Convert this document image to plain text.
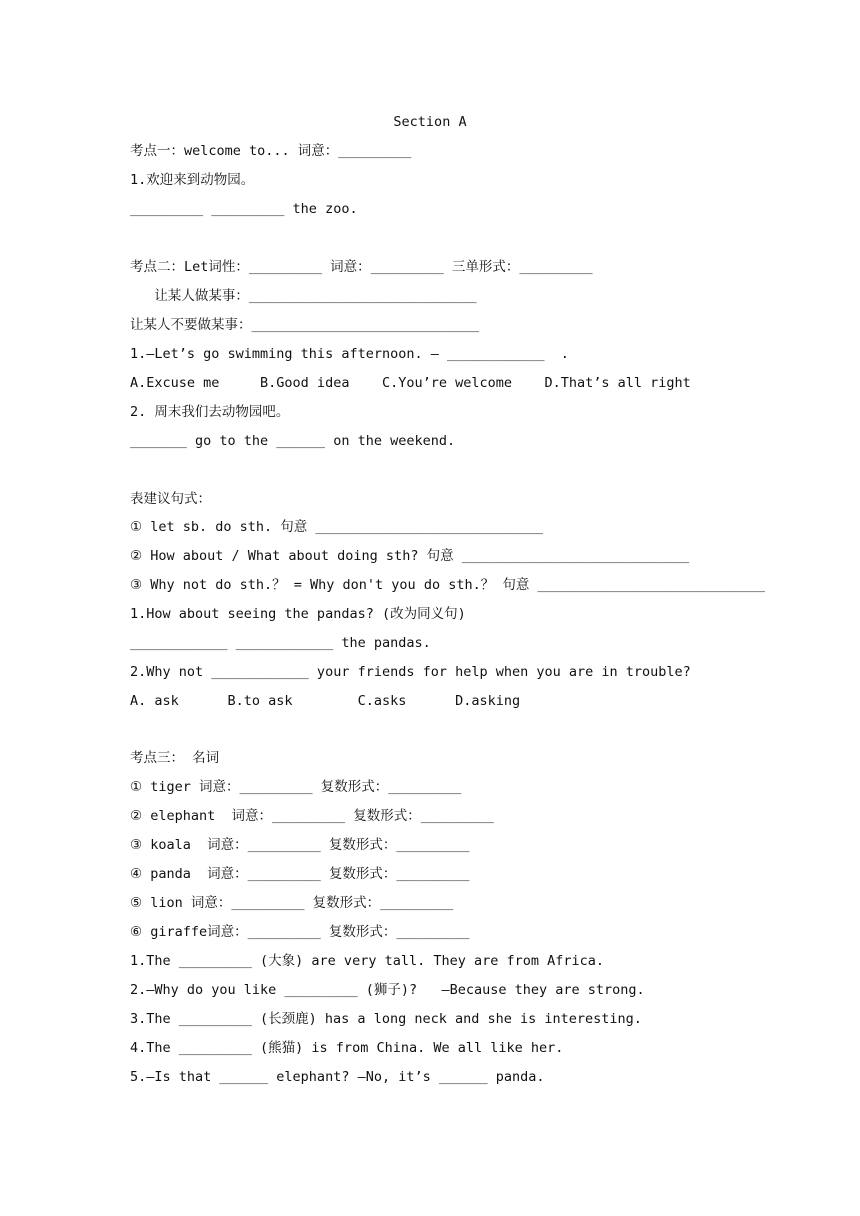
Section A
考点一：welcome to... 词意：_________
1.欢迎来到动物园。
_________ _________ the zoo.
考点二：Let词性：_________ 词意：_________ 三单形式：_________
让某人做某事：____________________________
让某人不要做某事：____________________________
1.—Let’s go swimming this afternoon. — ____________  .
A.Excuse me     B.Good idea    C.You’re welcome    D.That’s all right
2. 周末我们去动物园吧。
_______ go to the ______ on the weekend.
表建议句式：
① let sb. do sth. 句意 ____________________________
② How about / What about doing sth? 句意 ____________________________
③ Why not do sth.？ = Why don't you do sth.？ 句意 ____________________________
1.How about seeing the pandas? (改为同义句)
____________ ____________ the pandas.
2.Why not ____________ your friends for help when you are in trouble?
A. ask      B.to ask        C.asks      D.asking
考点三： 名词
① tiger 词意：_________ 复数形式：_________
② elephant  词意：_________ 复数形式：_________
③ koala  词意：_________ 复数形式：_________
④ panda  词意：_________ 复数形式：_________
⑤ lion 词意：_________ 复数形式：_________
⑥ giraffe词意：_________ 复数形式：_________
1.The _________ (大象) are very tall. They are from Africa.
2.—Why do you like _________ (狮子)?   —Because they are strong.
3.The _________ (长颈鹿) has a long neck and she is interesting.
4.The _________ (熊猫) is from China. We all like her.
5.—Is that ______ elephant? —No, it’s ______ panda.
